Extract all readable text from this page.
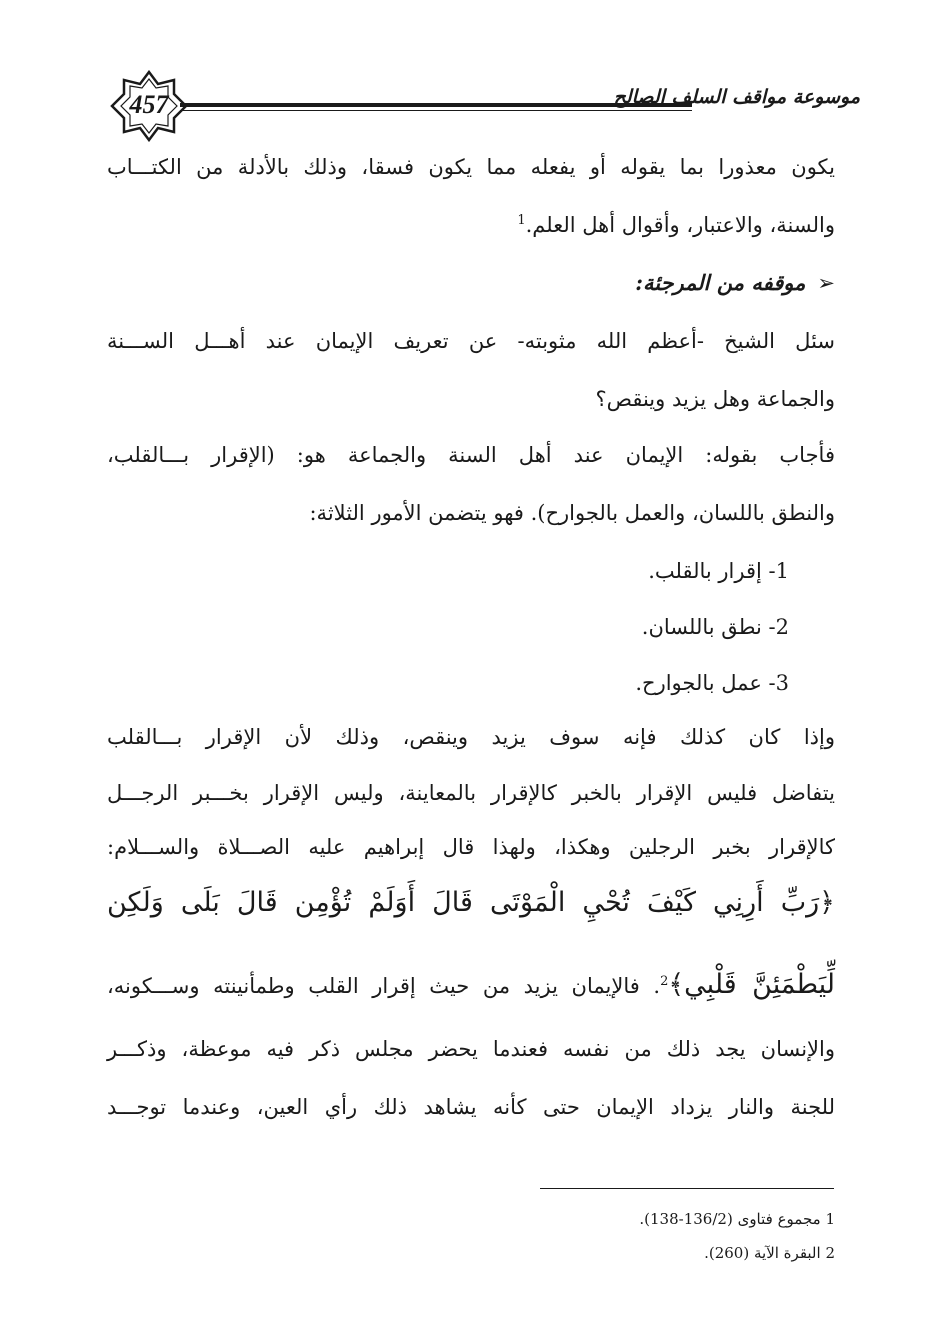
457	موسوعة مواقف السلف الصالح
يكون معذورا بما يقوله أو يفعله مما يكون فسقا، وذلك بالأدلة من الكتـــاب
والسنة، والاعتبار، وأقوال أهل العلم.$^1$
➢موقفه من المرجئة:
سئل الشيخ -أعظم الله مثوبته- عن تعريف الإيمان عند أهـــل الســـنة
والجماعة وهل يزيد وينقص؟
فأجاب بقوله: الإيمان عند أهل السنة والجماعة هو: (الإقرار بـــالقلب،
والنطق باللسان، والعمل بالجوارح). فهو يتضمن الأمور الثلاثة:
1- إقرار بالقلب.
2- نطق باللسان.
3- عمل بالجوارح.
وإذا كان كذلك فإنه سوف يزيد وينقص، وذلك لأن الإقرار بـــالقلب
يتفاضل فليس الإقرار بالخبر كالإقرار بالمعاينة، وليس الإقرار بخـــبر الرجـــل
كالإقرار بخبر الرجلين وهكذا، ولهذا قال إبراهيم عليه الصـــلاة والســـلام:
﴿رَبِّ أَرِنِي كَيْفَ تُحْيِ الْمَوْتَى قَالَ أَوَلَمْ تُؤْمِن قَالَ بَلَى وَلَكِن
لِّيَطْمَئِنَّ قَلْبِي﴾$^2$. فالإيمان يزيد من حيث إقرار القلب وطمأنينته وســـكونه،
والإنسان يجد ذلك من نفسه فعندما يحضر مجلس ذكر فيه موعظة، وذكـــر
للجنة والنار يزداد الإيمان حتى كأنه يشاهد ذلك رأي العين، وعندما توجـــد
1 مجموع فتاوى (136/2-138).
2 البقرة الآية (260).
